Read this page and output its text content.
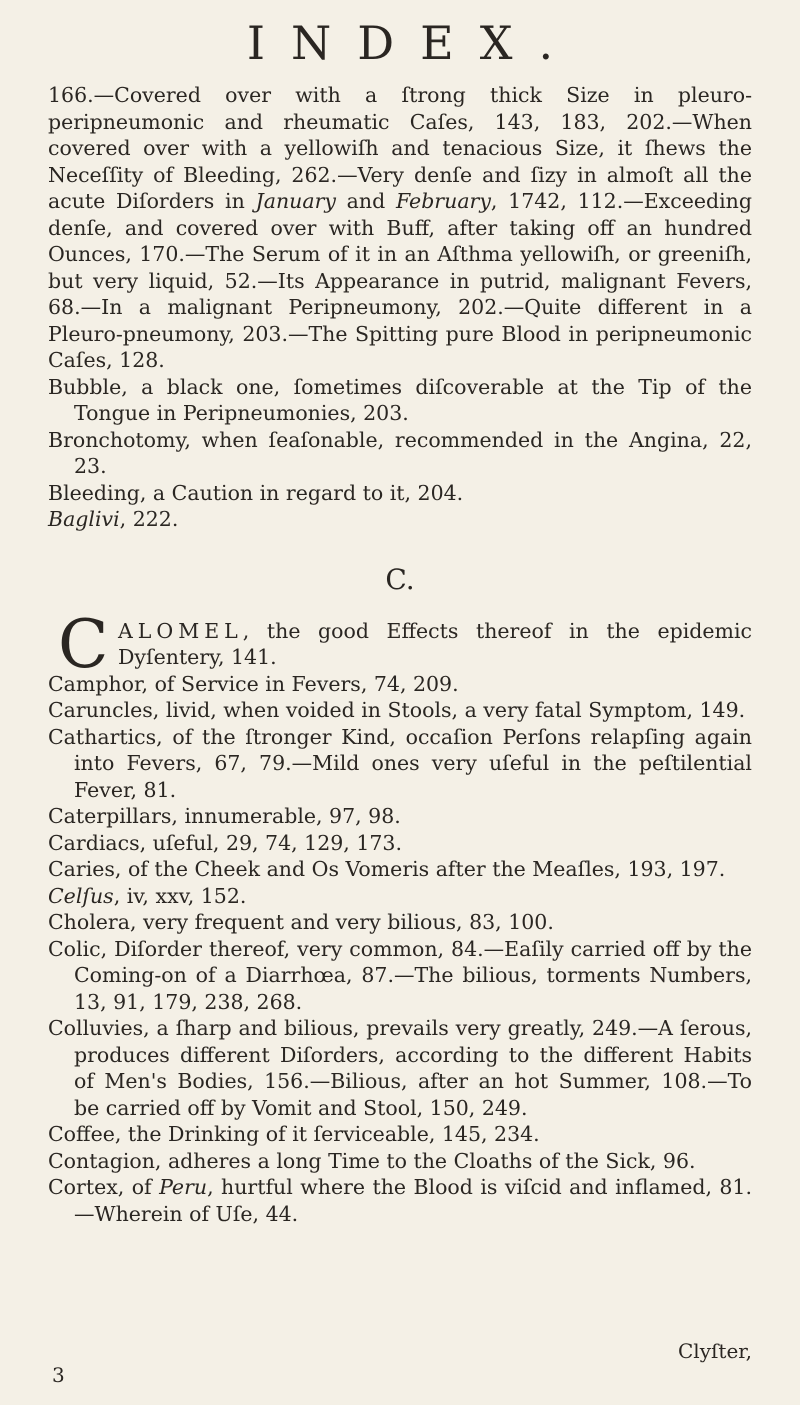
INDEX.

166.—Covered over with a ſtrong thick Size in pleuro-peripneumonic and rheumatic Caſes, 143, 183, 202.—When covered over with a yellowiſh and tenacious Size, it ſhews the Neceſſity of Bleeding, 262.—Very denſe and ſizy in almoſt all the acute Diſorders in January and February, 1742, 112.—Exceeding denſe, and covered over with Buff, after taking off an hundred Ounces, 170.—The Serum of it in an Aſthma yellowiſh, or greeniſh, but very liquid, 52.—Its Appearance in putrid, malignant Fevers, 68.—In a malignant Peripneumony, 202.—Quite different in a Pleuro-pneumony, 203.—The Spitting pure Blood in peripneumonic Caſes, 128.

Bubble, a black one, ſometimes diſcoverable at the Tip of the Tongue in Peripneumonies, 203.

Bronchotomy, when ſeaſonable, recommended in the Angina, 22, 23.

Bleeding, a Caution in regard to it, 204.

Baglivi, 222.

C.

C ALOMEL, the good Effects thereof in the epidemic Dyſentery, 141.

Camphor, of Service in Fevers, 74, 209.

Caruncles, livid, when voided in Stools, a very fatal Symptom, 149.

Cathartics, of the ſtronger Kind, occaſion Perſons relapſing again into Fevers, 67, 79.—Mild ones very uſeful in the peſtilential Fever, 81.

Caterpillars, innumerable, 97, 98.

Cardiacs, uſeful, 29, 74, 129, 173.

Caries, of the Cheek and Os Vomeris after the Meaſles, 193, 197.

Celſus, iv, xxv, 152.

Cholera, very frequent and very bilious, 83, 100.

Colic, Diſorder thereof, very common, 84.—Eaſily carried off by the Coming-on of a Diarrhœa, 87.—The bilious, torments Numbers, 13, 91, 179, 238, 268.

Colluvies, a ſharp and bilious, prevails very greatly, 249.—A ſerous, produces different Diſorders, according to the different Habits of Men's Bodies, 156.—Bilious, after an hot Summer, 108.—To be carried off by Vomit and Stool, 150, 249.

Coffee, the Drinking of it ſerviceable, 145, 234.

Contagion, adheres a long Time to the Cloaths of the Sick, 96.

Cortex, of Peru, hurtful where the Blood is viſcid and inflamed, 81.—Wherein of Uſe, 44.

3
Clyſter,
